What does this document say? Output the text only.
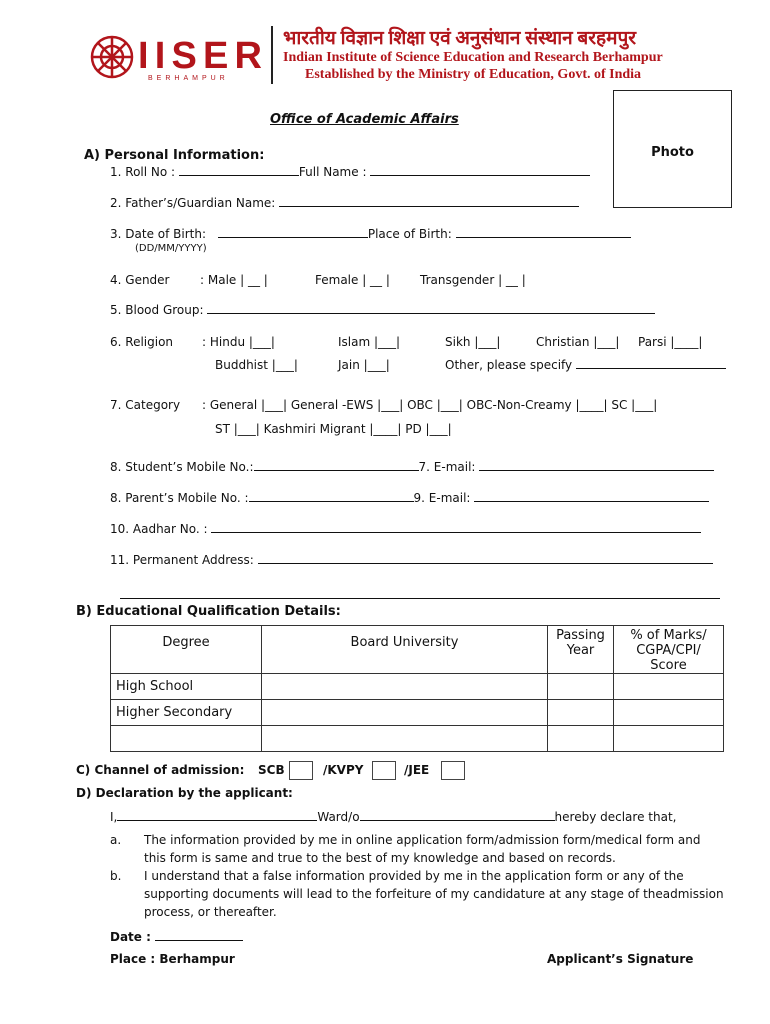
IISER
BERHAMPUR
भारतीय विज्ञान शिक्षा एवं अनुसंधान संस्थान बरहमपुर
Indian Institute of Science Education and Research Berhampur
Established by the Ministry of Education, Govt. of India
Photo
Office of Academic Affairs
A) Personal Information:
1. Roll No :	Full Name :
2. Father’s/Guardian Name:
3. Date of Birth:	Place of Birth:
(DD/MM/YYYY)
4. Gender	: Male | __ |	Female | __ |	Transgender | __ |
5. Blood Group:
6. Religion : Hindu |___|	Islam |___|	Sikh |___|	Christian |___| Parsi |____|
Buddhist |___|	Jain |___|	Other, please specify
7. Category : General |___| General -EWS |___| OBC |___| OBC-Non-Creamy |____| SC |___|
ST |___| Kashmiri Migrant |____| PD |___|
8. Student’s Mobile No.:	7. E-mail:
8. Parent’s Mobile No. :	9. E-mail:
10. Aadhar No. :
11. Permanent Address:
B) Educational Qualification Details:
Degree	Board University	Passing Year	% of Marks/ CGPA/CPI/ Score
High School			
Higher Secondary			

C) Channel of admission: SCB	/KVPY	/JEE
D) Declaration by the applicant:
I,	Ward/o	hereby declare that,
a. The information provided by me in online application form/admission form/medical form and
this form is same and true to the best of my knowledge and based on records.
b. I understand that a false information provided by me in the application form or any of the
supporting documents will lead to the forfeiture of my candidature at any stage of theadmission
process, or thereafter.
Date :
Place : Berhampur	Applicant’s Signature
